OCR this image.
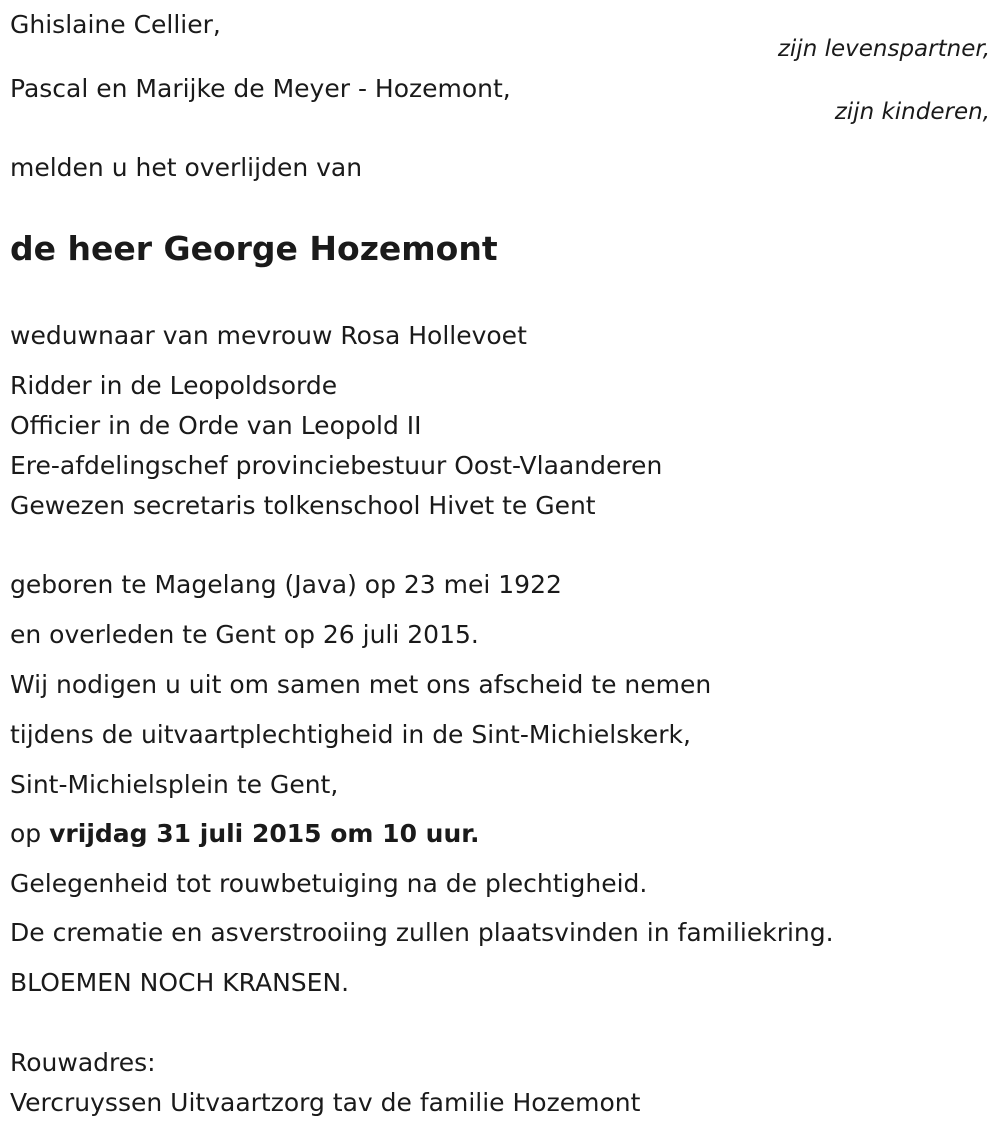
Ghislaine Cellier,
zijn levenspartner,
Pascal en Marijke de Meyer - Hozemont,
zijn kinderen,
melden u het overlijden van
de heer George Hozemont
weduwnaar van mevrouw Rosa Hollevoet
Ridder in de Leopoldsorde
Officier in de Orde van Leopold II
Ere-afdelingschef provinciebestuur Oost-Vlaanderen
Gewezen secretaris tolkenschool Hivet te Gent
geboren te Magelang (Java) op 23 mei 1922
en overleden te Gent op 26 juli 2015.
Wij nodigen u uit om samen met ons afscheid te nemen
tijdens de uitvaartplechtigheid in de Sint-Michielskerk,
Sint-Michielsplein te Gent,
op vrijdag 31 juli 2015 om 10 uur.
Gelegenheid tot rouwbetuiging na de plechtigheid.
De crematie en asverstrooiing zullen plaatsvinden in familiekring.
BLOEMEN NOCH KRANSEN.
Rouwadres:
Vercruyssen Uitvaartzorg tav de familie Hozemont
